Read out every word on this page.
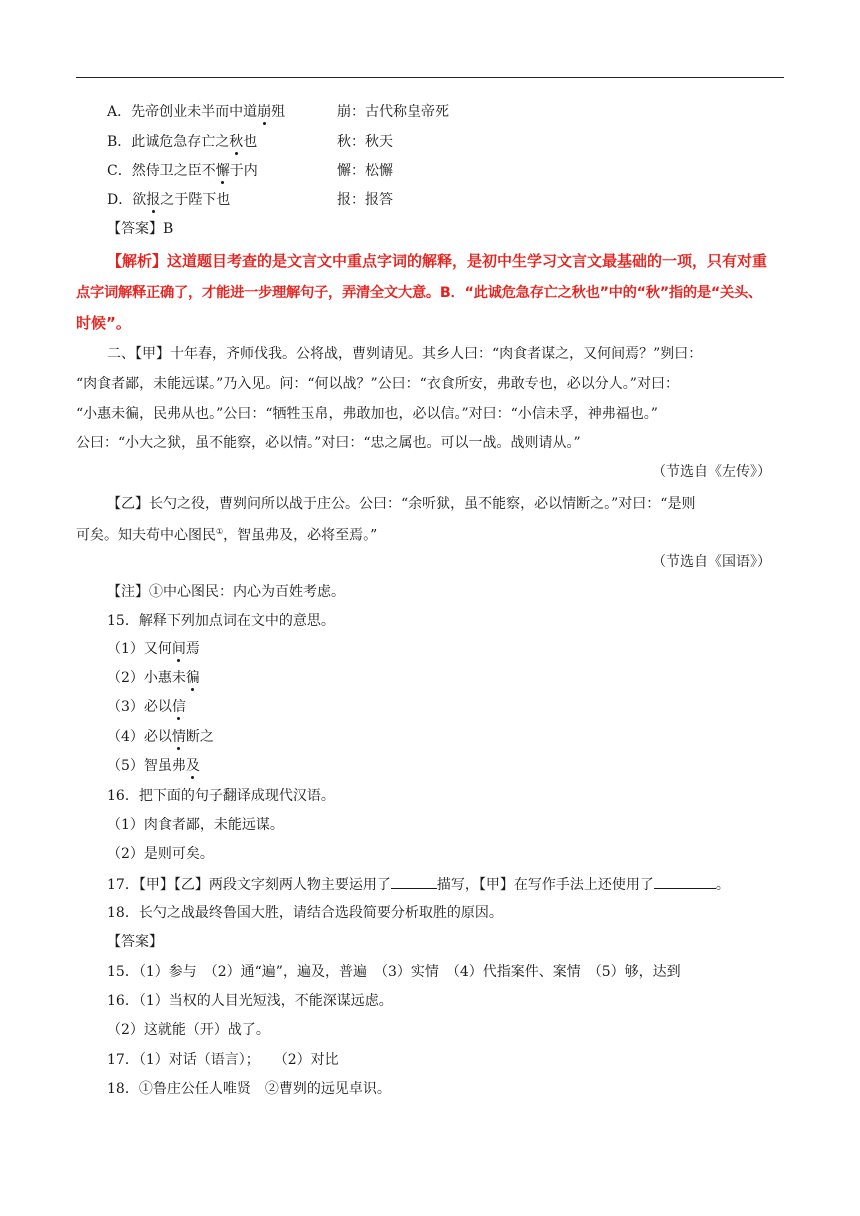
A．先帝创业未半而中道崩殂	崩：古代称皇帝死
B．此诚危急存亡之秋也	秋：秋天
C．然侍卫之臣不懈于内	懈：松懈
D．欲报之于陛下也	报：报答
【答案】B
【解析】这道题目考查的是文言文中重点字词的解释，是初中生学习文言文最基础的一项，只有对重
点字词解释正确了，才能进一步理解句子，弄清全文大意。B．“此诚危急存亡之秋也”中的“秋”指的是“关头、
时候”。
二、【甲】十年春，齐师伐我。公将战，曹刿请见。其乡人曰：“肉食者谋之，又何间焉？”刿曰：
“肉食者鄙，未能远谋。”乃入见。问：“何以战？”公曰：“衣食所安，弗敢专也，必以分人。”对曰：
“小惠未徧，民弗从也。”公曰：“牺牲玉帛，弗敢加也，必以信。”对曰：“小信未孚，神弗福也。”
公曰：“小大之狱，虽不能察，必以情。”对曰：“忠之属也。可以一战。战则请从。”
（节选自《左传》）
【乙】长勺之役，曹刿问所以战于庄公。公曰：“余听狱，虽不能察，必以情断之。”对曰：“是则
可矣。知夫苟中心图民①，智虽弗及，必将至焉。”
（节选自《国语》）
【注】①中心图民：内心为百姓考虑。
15．解释下列加点词在文中的意思。
（1）又何间焉
（2）小惠未徧
（3）必以信
（4）必以情断之
（5）智虽弗及
16．把下面的句子翻译成现代汉语。
（1）肉食者鄙，未能远谋。
（2）是则可矣。
17．【甲】【乙】两段文字刻两人物主要运用了	描写，【甲】在写作手法上还使用了	。
18．长勺之战最终鲁国大胜，请结合选段简要分析取胜的原因。
【答案】
15．（1）参与　（2）通“遍”，遍及，普遍　（3）实情　（4）代指案件、案情　（5）够，达到
16．（1）当权的人目光短浅，不能深谋远虑。
（2）这就能（开）战了。
17．（1）对话（语言）；　　（2）对比
18．①鲁庄公任人唯贤　②曹刿的远见卓识。
